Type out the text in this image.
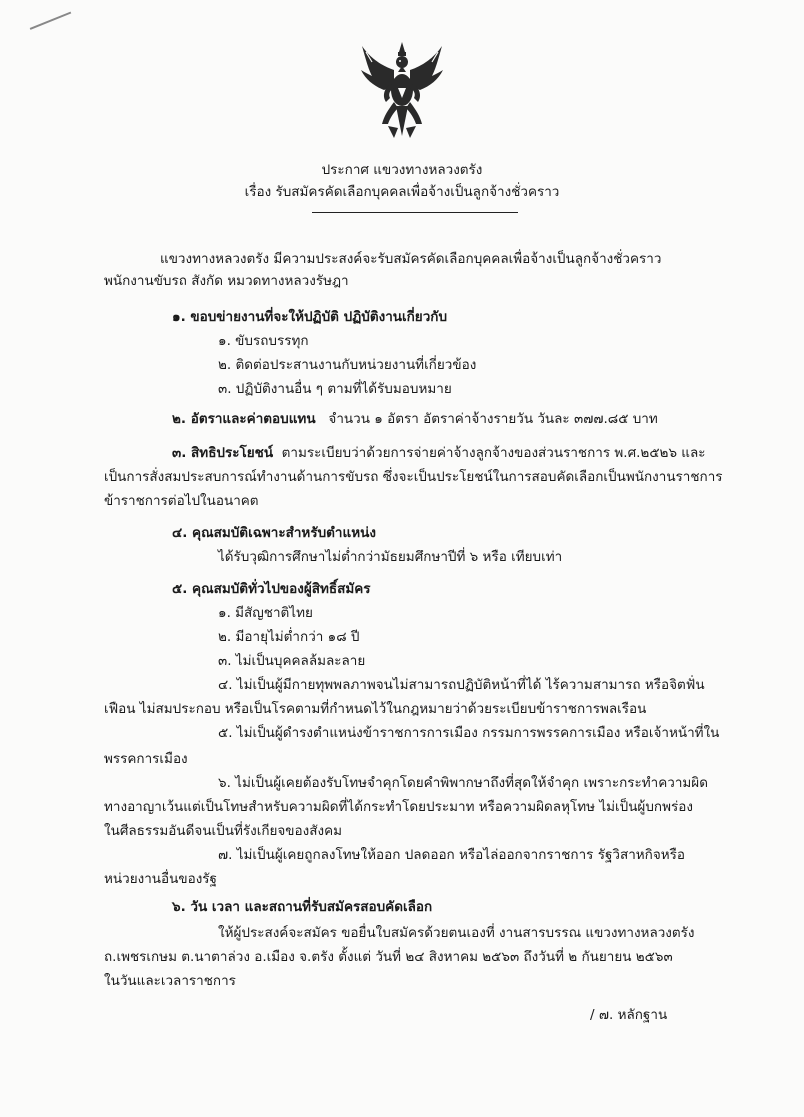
ประกาศ แขวงทางหลวงตรัง
เรื่อง รับสมัครคัดเลือกบุคคลเพื่อจ้างเป็นลูกจ้างชั่วคราว
แขวงทางหลวงตรัง มีความประสงค์จะรับสมัครคัดเลือกบุคคลเพื่อจ้างเป็นลูกจ้างชั่วคราว
พนักงานขับรถ สังกัด หมวดทางหลวงรัษฎา
๑. ขอบข่ายงานที่จะให้ปฏิบัติ ปฏิบัติงานเกี่ยวกับ
๑. ขับรถบรรทุก
๒. ติดต่อประสานงานกับหน่วยงานที่เกี่ยวข้อง
๓. ปฏิบัติงานอื่น ๆ ตามที่ได้รับมอบหมาย
๒. อัตราและค่าตอบแทน จำนวน ๑ อัตรา อัตราค่าจ้างรายวัน วันละ ๓๗๗.๘๕ บาท
๓. สิทธิประโยชน์ ตามระเบียบว่าด้วยการจ่ายค่าจ้างลูกจ้างของส่วนราชการ พ.ศ.๒๕๒๖ และ
เป็นการสั่งสมประสบการณ์ทำงานด้านการขับรถ ซึ่งจะเป็นประโยชน์ในการสอบคัดเลือกเป็นพนักงานราชการ
ข้าราชการต่อไปในอนาคต
๔. คุณสมบัติเฉพาะสำหรับตำแหน่ง
ได้รับวุฒิการศึกษาไม่ต่ำกว่ามัธยมศึกษาปีที่ ๖ หรือ เทียบเท่า
๕. คุณสมบัติทั่วไปของผู้สิทธิ์สมัคร
๑. มีสัญชาติไทย
๒. มีอายุไม่ต่ำกว่า ๑๘ ปี
๓. ไม่เป็นบุคคลล้มละลาย
๔. ไม่เป็นผู้มีกายทุพพลภาพจนไม่สามารถปฏิบัติหน้าที่ได้ ไร้ความสามารถ หรือจิตฟั่น
เฟือน ไม่สมประกอบ หรือเป็นโรคตามที่กำหนดไว้ในกฎหมายว่าด้วยระเบียบข้าราชการพลเรือน
๕. ไม่เป็นผู้ดำรงตำแหน่งข้าราชการการเมือง กรรมการพรรคการเมือง หรือเจ้าหน้าที่ใน
พรรคการเมือง
๖. ไม่เป็นผู้เคยต้องรับโทษจำคุกโดยคำพิพากษาถึงที่สุดให้จำคุก เพราะกระทำความผิด
ทางอาญาเว้นแต่เป็นโทษสำหรับความผิดที่ได้กระทำโดยประมาท หรือความผิดลหุโทษ ไม่เป็นผู้บกพร่อง
ในศีลธรรมอันดีจนเป็นที่รังเกียจของสังคม
๗. ไม่เป็นผู้เคยถูกลงโทษให้ออก ปลดออก หรือไล่ออกจากราชการ รัฐวิสาหกิจหรือ
หน่วยงานอื่นของรัฐ
๖. วัน เวลา และสถานที่รับสมัครสอบคัดเลือก
ให้ผู้ประสงค์จะสมัคร ขอยื่นใบสมัครด้วยตนเองที่ งานสารบรรณ แขวงทางหลวงตรัง
ถ.เพชรเกษม ต.นาตาล่วง อ.เมือง จ.ตรัง ตั้งแต่ วันที่ ๒๔ สิงหาคม ๒๕๖๓ ถึงวันที่ ๒ กันยายน ๒๕๖๓
ในวันและเวลาราชการ
/ ๗. หลักฐาน
